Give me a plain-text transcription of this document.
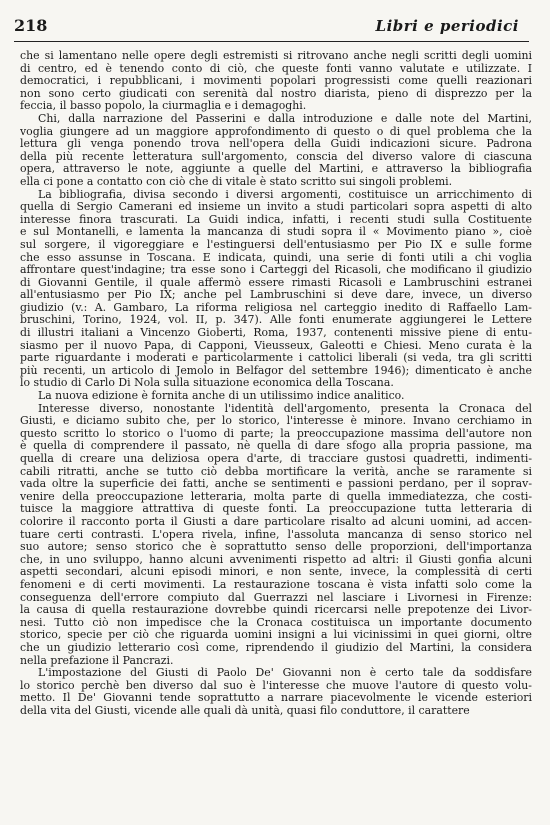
218	Libri e periodici

che si lamentano nelle opere degli estremisti si ritrovano anche negli scritti degli uomini
di centro, ed è tenendo conto di ciò, che queste fonti vanno valutate e utilizzate. I
democratici, i repubblicani, i movimenti popolari progressisti come quelli reazionari
non sono certo giudicati con serenità dal nostro diarista, pieno di disprezzo per la
feccia, il basso popolo, la ciurmaglia e i demagoghi.

Chi, dalla narrazione del Passerini e dalla introduzione e dalle note del Martini,
voglia giungere ad un maggiore approfondimento di questo o di quel problema che la
lettura gli venga ponendo trova nell'opera della Guidi indicazioni sicure. Padrona
della più recente letteratura sull'argomento, conscia del diverso valore di ciascuna
opera, attraverso le note, aggiunte a quelle del Martini, e attraverso la bibliografia
ella ci pone a contatto con ciò che di vitale è stato scritto sui singoli problemi.

La bibliografia, divisa secondo i diversi argomenti, costituisce un arricchimento di
quella di Sergio Camerani ed insieme un invito a studi particolari sopra aspetti di alto
interesse finora trascurati. La Guidi indica, infatti, i recenti studi sulla Costituente
e sul Montanelli, e lamenta la mancanza di studi sopra il « Movimento piano », cioè
sul sorgere, il vigoreggiare e l'estinguersi dell'entusiasmo per Pio IX e sulle forme
che esso assunse in Toscana. È indicata, quindi, una serie di fonti utili a chi voglia
affrontare quest'indagine; tra esse sono i Carteggi del Ricasoli, che modificano il giudizio
di Giovanni Gentile, il quale affermò essere rimasti Ricasoli e Lambruschini estranei
all'entusiasmo per Pio IX; anche pel Lambruschini si deve dare, invece, un diverso
giudizio (v.: A. Gambaro, La riforma religiosa nel carteggio inedito di Raffaello Lam-
bruschini, Torino, 1924, vol. II, p. 347). Alle fonti enumerate aggiungerei le Lettere
di illustri italiani a Vincenzo Gioberti, Roma, 1937, contenenti missive piene di entu-
siasmo per il nuovo Papa, di Capponi, Vieusseux, Galeotti e Chiesi. Meno curata è la
parte riguardante i moderati e particolarmente i cattolici liberali (si veda, tra gli scritti
più recenti, un articolo di Jemolo in Belfagor del settembre 1946); dimenticato è anche
lo studio di Carlo Di Nola sulla situazione economica della Toscana.

La nuova edizione è fornita anche di un utilissimo indice analitico.

Interesse diverso, nonostante l'identità dell'argomento, presenta la Cronaca del
Giusti, e diciamo subito che, per lo storico, l'interesse è minore. Invano cerchiamo in
questo scritto lo storico o l'uomo di parte; la preoccupazione massima dell'autore non
è quella di comprendere il passato, nè quella di dare sfogo alla propria passione, ma
quella di creare una deliziosa opera d'arte, di tracciare gustosi quadretti, indimenti-
cabili ritratti, anche se tutto ciò debba mortificare la verità, anche se raramente si
vada oltre la superficie dei fatti, anche se sentimenti e passioni perdano, per il soprav-
venire della preoccupazione letteraria, molta parte di quella immediatezza, che costi-
tuisce la maggiore attrattiva di queste fonti. La preoccupazione tutta letteraria di
colorire il racconto porta il Giusti a dare particolare risalto ad alcuni uomini, ad accen-
tuare certi contrasti. L'opera rivela, infine, l'assoluta mancanza di senso storico nel
suo autore; senso storico che è soprattutto senso delle proporzioni, dell'importanza
che, in uno sviluppo, hanno alcuni avvenimenti rispetto ad altri: il Giusti gonfia alcuni
aspetti secondari, alcuni episodi minori, e non sente, invece, la complessità di certi
fenomeni e di certi movimenti. La restaurazione toscana è vista infatti solo come la
conseguenza dell'errore compiuto dal Guerrazzi nel lasciare i Livornesi in Firenze:
la causa di quella restaurazione dovrebbe quindi ricercarsi nelle prepotenze dei Livor-
nesi. Tutto ciò non impedisce che la Cronaca costituisca un importante documento
storico, specie per ciò che riguarda uomini insigni a lui vicinissimi in quei giorni, oltre
che un giudizio letterario così come, riprendendo il giudizio del Martini, la considera
nella prefazione il Pancrazi.

L'impostazione del Giusti di Paolo De' Giovanni non è certo tale da soddisfare
lo storico perchè ben diverso dal suo è l'interesse che muove l'autore di questo volu-
metto. Il De' Giovanni tende soprattutto a narrare piacevolmente le vicende esteriori
della vita del Giusti, vicende alle quali dà unità, quasi filo conduttore, il carattere
